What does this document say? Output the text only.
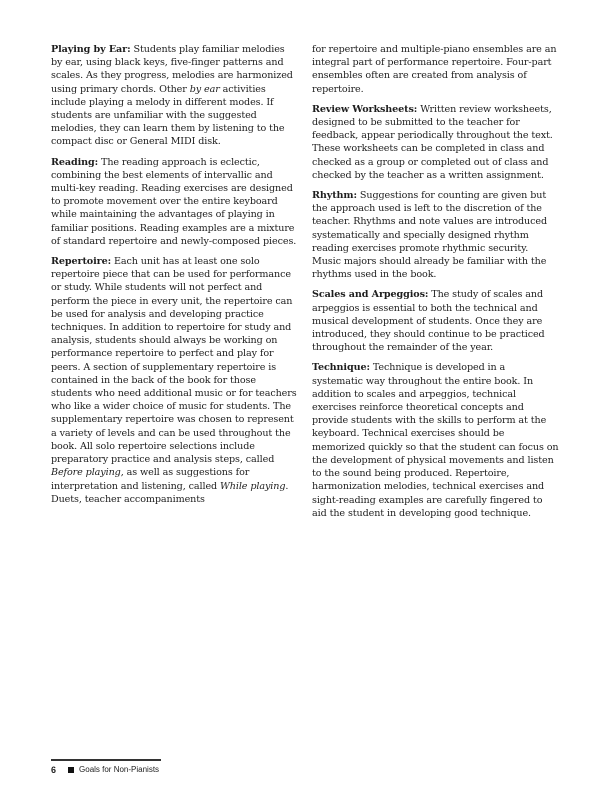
Playing by Ear: Students play familiar melodies by ear, using black keys, five-finger patterns and scales. As they progress, melodies are harmonized using primary chords. Other by ear activities include playing a melody in different modes. If students are unfamiliar with the suggested melodies, they can learn them by listening to the compact disc or General MIDI disk.

Reading: The reading approach is eclectic, combining the best elements of intervallic and multi-key reading. Reading exercises are designed to promote movement over the entire keyboard while maintaining the advantages of playing in familiar positions. Reading examples are a mixture of standard repertoire and newly-composed pieces.

Repertoire: Each unit has at least one solo repertoire piece that can be used for performance or study. While students will not perfect and perform the piece in every unit, the repertoire can be used for analysis and developing practice techniques. In addition to repertoire for study and analysis, students should always be working on performance repertoire to perfect and play for peers. A section of supplementary repertoire is contained in the back of the book for those students who need additional music or for teachers who like a wider choice of music for students. The supplementary repertoire was chosen to represent a variety of levels and can be used throughout the book. All solo repertoire selections include preparatory practice and analysis steps, called Before playing, as well as suggestions for interpretation and listening, called While playing. Duets, teacher accompaniments

for repertoire and multiple-piano ensembles are an integral part of performance repertoire. Four-part ensembles often are created from analysis of repertoire.

Review Worksheets: Written review worksheets, designed to be submitted to the teacher for feedback, appear periodically throughout the text. These worksheets can be completed in class and checked as a group or completed out of class and checked by the teacher as a written assignment.

Rhythm: Suggestions for counting are given but the approach used is left to the discretion of the teacher. Rhythms and note values are introduced systematically and specially designed rhythm reading exercises promote rhythmic security. Music majors should already be familiar with the rhythms used in the book.

Scales and Arpeggios: The study of scales and arpeggios is essential to both the technical and musical development of students. Once they are introduced, they should continue to be practiced throughout the remainder of the year.

Technique: Technique is developed in a systematic way throughout the entire book. In addition to scales and arpeggios, technical exercises reinforce theoretical concepts and provide students with the skills to perform at the keyboard. Technical exercises should be memorized quickly so that the student can focus on the development of physical movements and listen to the sound being produced. Repertoire, harmonization melodies, technical exercises and sight-reading examples are carefully fingered to aid the student in developing good technique.

6	Goals for Non-Pianists
